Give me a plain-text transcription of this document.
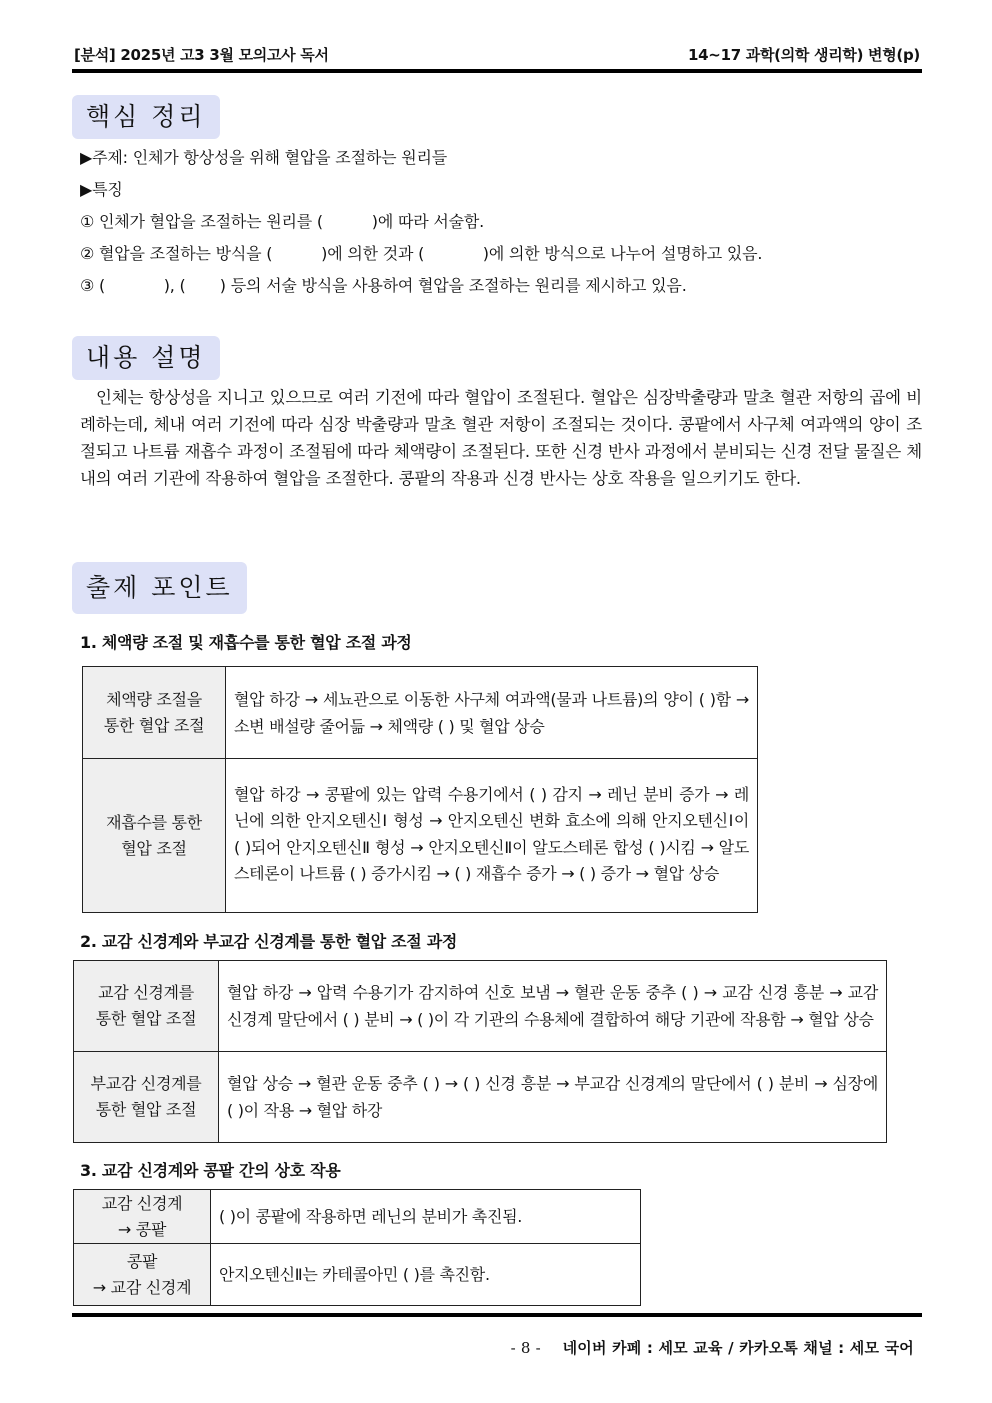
[분석] 2025년 고3 3월 모의고사 독서	14~17 과학(의학 생리학) 변형(p)
핵심 정리
▶주제: 인체가 항상성을 위해 혈압을 조절하는 원리들
▶특징
① 인체가 혈압을 조절하는 원리를 (          )에 따라 서술함.
② 혈압을 조절하는 방식을 (          )에 의한 것과 (            )에 의한 방식으로 나누어 설명하고 있음.
③ (            ), (       ) 등의 서술 방식을 사용하여 혈압을 조절하는 원리를 제시하고 있음.
내용 설명
인체는 항상성을 지니고 있으므로 여러 기전에 따라 혈압이 조절된다. 혈압은 심장박출량과 말초 혈관 저항의 곱에 비례하는데, 체내 여러 기전에 따라 심장 박출량과 말초 혈관 저항이 조절되는 것이다. 콩팥에서 사구체 여과액의 양이 조절되고 나트륨 재흡수 과정이 조절됨에 따라 체액량이 조절된다. 또한 신경 반사 과정에서 분비되는 신경 전달 물질은 체내의 여러 기관에 작용하여 혈압을 조절한다. 콩팥의 작용과 신경 반사는 상호 작용을 일으키기도 한다.
출제 포인트
1. 체액량 조절 및 재흡수를 통한 혈압 조절 과정
체액량 조절을
통한 혈압 조절	혈압 하강 → 세뇨관으로 이동한 사구체 여과액(물과 나트륨)의 양이 ( )함 → 소변 배설량 줄어듦 → 체액량 ( ) 및 혈압 상승

재흡수를 통한
혈압 조절	혈압 하강 → 콩팥에 있는 압력 수용기에서 ( ) 감지 → 레닌 분비 증가 → 레닌에 의한 안지오텐신Ⅰ 형성 → 안지오텐신 변화 효소에 의해 안지오텐신Ⅰ이 ( )되어 안지오텐신Ⅱ 형성 → 안지오텐신Ⅱ이 알도스테론 합성 ( )시킴 → 알도스테론이 나트륨 ( ) 증가시킴 → ( ) 재흡수 증가 → ( ) 증가 → 혈압 상승
2. 교감 신경계와 부교감 신경계를 통한 혈압 조절 과정
교감 신경계를
통한 혈압 조절	혈압 하강 → 압력 수용기가 감지하여 신호 보냄 → 혈관 운동 중추 ( ) → 교감 신경 흥분 → 교감 신경계 말단에서 ( ) 분비 → ( )이 각 기관의 수용체에 결합하여 해당 기관에 작용함 → 혈압 상승

부교감 신경계를
통한 혈압 조절	혈압 상승 → 혈관 운동 중추 ( ) → ( ) 신경 흥분 → 부교감 신경계의 말단에서 ( ) 분비 → 심장에 ( )이 작용 → 혈압 하강
3. 교감 신경계와 콩팥 간의 상호 작용
교감 신경계
→ 콩팥	( )이 콩팥에 작용하면 레닌의 분비가 촉진됨.

콩팥
→ 교감 신경계	안지오텐신Ⅱ는 카테콜아민 ( )를 촉진함.
- 8 - 네이버 카페 : 세모 교육 / 카카오톡 채널 : 세모 국어
